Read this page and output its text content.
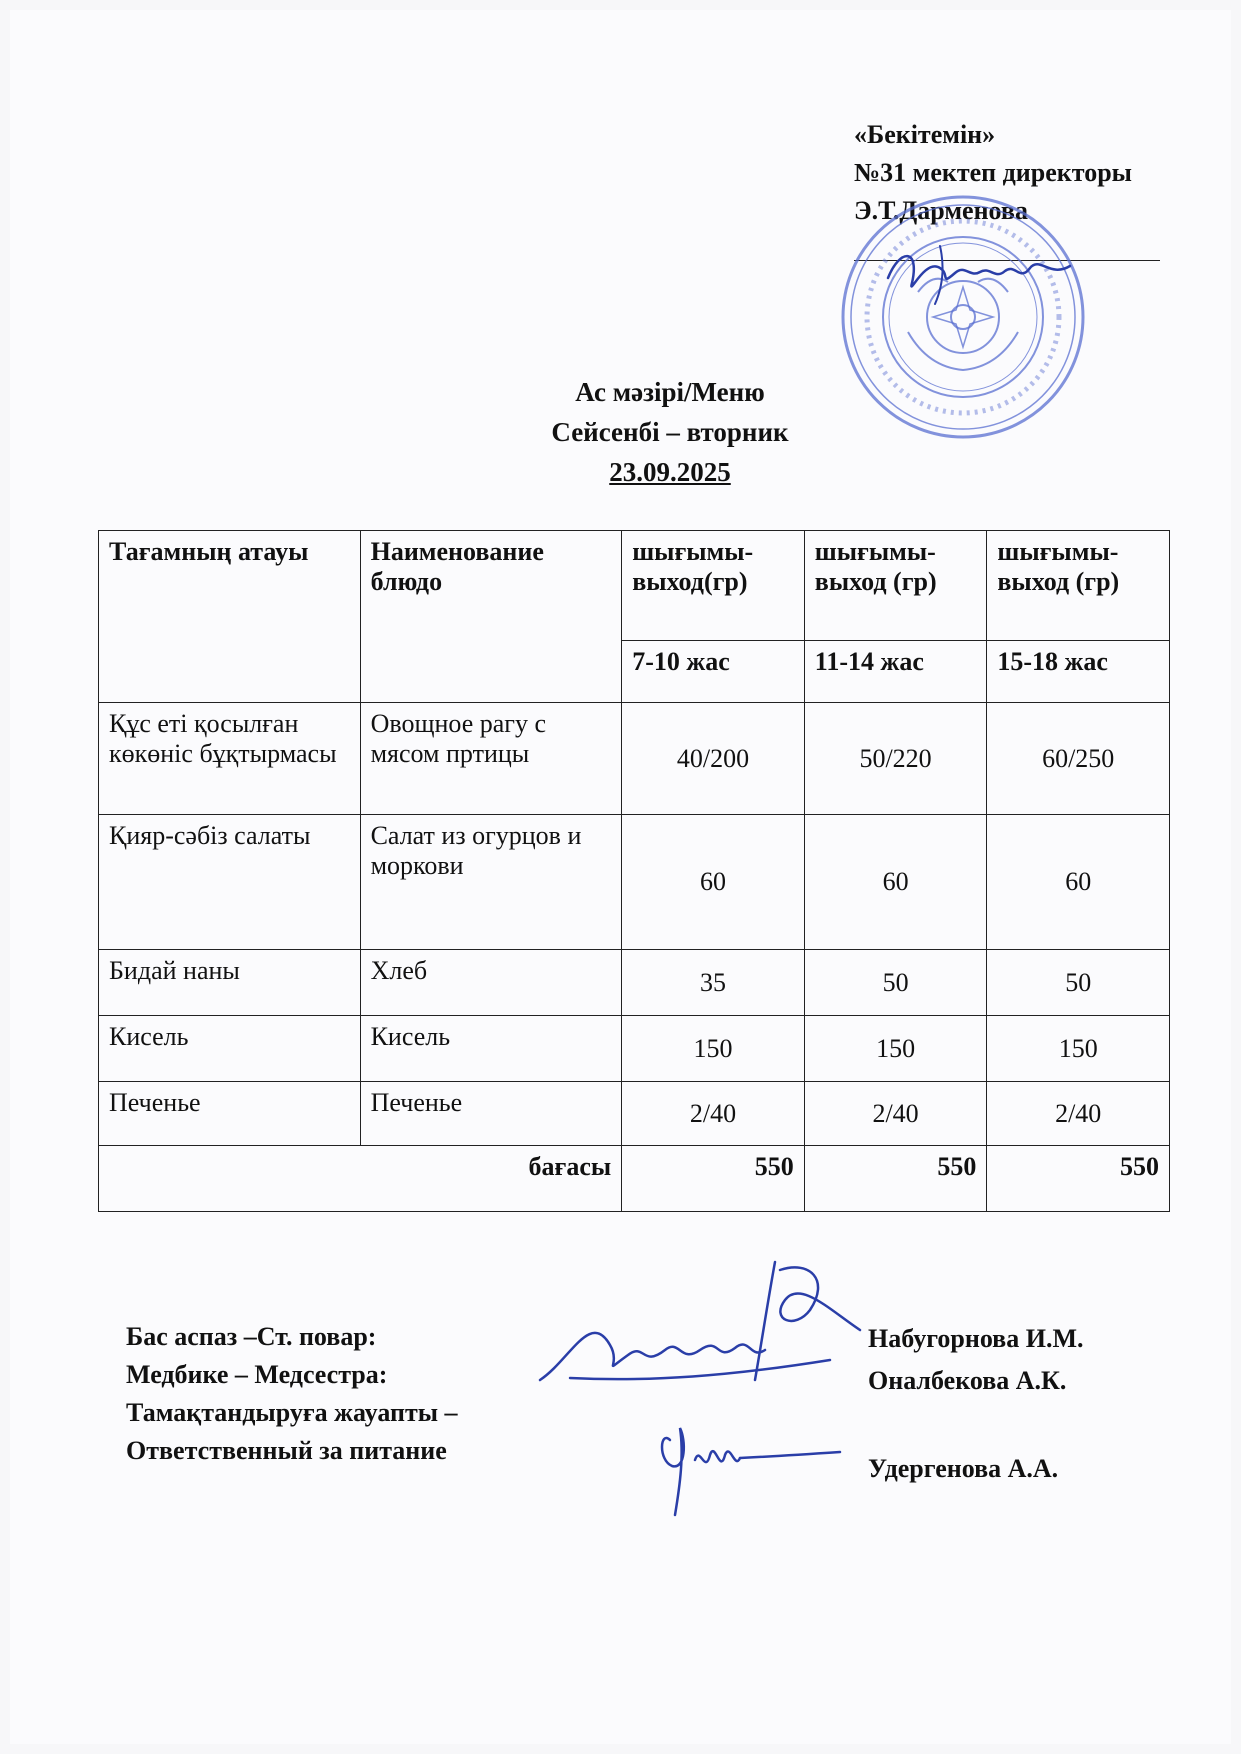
«Бекітемін»
№31 мектеп директоры
Э.Т.Дарменова
Ас мәзірі/Меню
Сейсенбі – вторник
23.09.2025
Тағамның атауы	Наименование блюдо	шығымы-выход(гр)	шығымы-выход (гр)	шығымы-выход (гр)
		7-10 жас	11-14 жас	15-18 жас
Құс еті қосылған көкөніс бұқтырмасы	Овощное рагу с мясом пртицы	40/200	50/220	60/250
Қияр-сәбіз салаты	Салат из огурцов и моркови	60	60	60
Бидай наны	Хлеб	35	50	50
Кисель	Кисель	150	150	150
Печенье	Печенье	2/40	2/40	2/40
бағасы		550	550	550
Бас аспаз –Ст. повар:
Медбике – Медсестра:
Тамақтандыруға жауапты –
Ответственный за питание
Набугорнова И.М.
Оналбекова А.К.
Удергенова А.А.
